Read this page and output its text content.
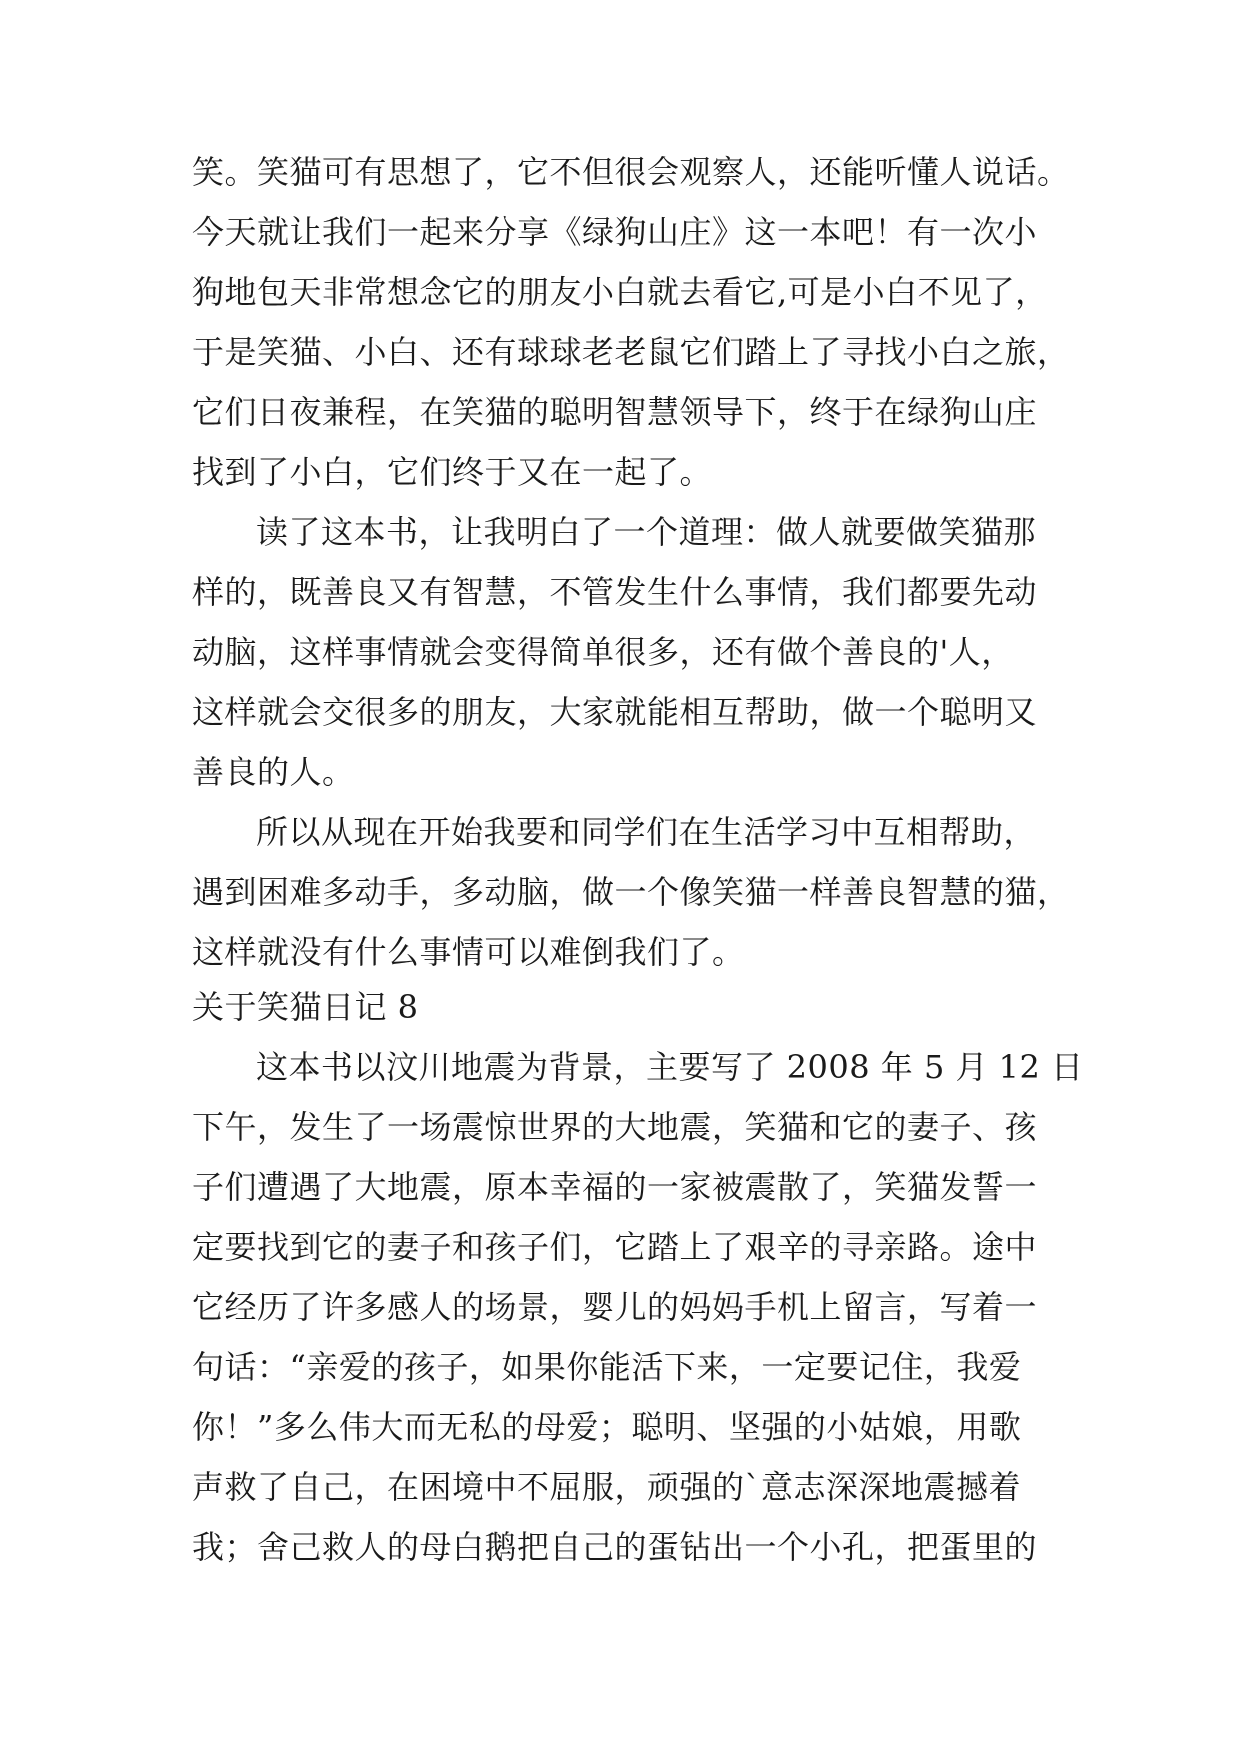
笑。笑猫可有思想了，它不但很会观察人，还能听懂人说话。
今天就让我们一起来分享《绿狗山庄》这一本吧！有一次小
狗地包天非常想念它的朋友小白就去看它,可是小白不见了，
于是笑猫、小白、还有球球老老鼠它们踏上了寻找小白之旅，
它们日夜兼程，在笑猫的聪明智慧领导下，终于在绿狗山庄
找到了小白，它们终于又在一起了。
读了这本书，让我明白了一个道理：做人就要做笑猫那
样的，既善良又有智慧，不管发生什么事情，我们都要先动
动脑，这样事情就会变得简单很多，还有做个善良的'人，
这样就会交很多的朋友，大家就能相互帮助，做一个聪明又
善良的人。
所以从现在开始我要和同学们在生活学习中互相帮助，
遇到困难多动手，多动脑，做一个像笑猫一样善良智慧的猫，
这样就没有什么事情可以难倒我们了。
关于笑猫日记 8
这本书以汶川地震为背景，主要写了 2008 年 5 月 12 日
下午，发生了一场震惊世界的大地震，笑猫和它的妻子、孩
子们遭遇了大地震，原本幸福的一家被震散了，笑猫发誓一
定要找到它的妻子和孩子们，它踏上了艰辛的寻亲路。途中
它经历了许多感人的场景，婴儿的妈妈手机上留言，写着一
句话：“亲爱的孩子，如果你能活下来，一定要记住，我爱
你！”多么伟大而无私的母爱；聪明、坚强的小姑娘，用歌
声救了自己，在困境中不屈服，顽强的`意志深深地震撼着
我；舍己救人的母白鹅把自己的蛋钻出一个小孔，把蛋里的
